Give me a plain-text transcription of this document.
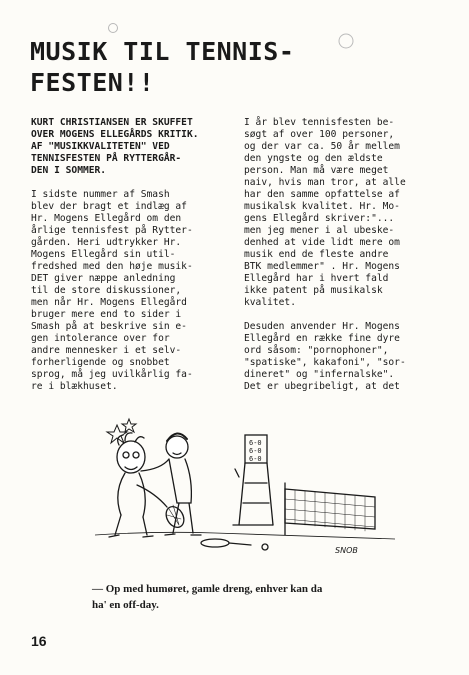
MUSIK TIL TENNIS-
FESTEN!!

KURT CHRISTIANSEN ER SKUFFET
OVER MOGENS ELLEGÅRDS KRITIK.
AF "MUSIKKVALITETEN" VED
TENNISFESTEN PÅ RYTTERGÅR-
DEN I SOMMER.

I sidste nummer af Smash
blev der bragt et indlæg af
Hr. Mogens Ellegård om den
årlige tennisfest på Rytter-
gården. Heri udtrykker Hr.
Mogens Ellegård sin util-
fredshed med den høje musik-
DET giver næppe anledning
til de store diskussioner,
men når Hr. Mogens Ellegård
bruger mere end to sider i
Smash på at beskrive sin e-
gen intolerance over for
andre mennesker i et selv-
forherligende og snobbet
sprog, må jeg uvilkårlig fa-
re i blækhuset.

I år blev tennisfesten be-
søgt af over 100 personer,
og der var ca. 50 år mellem
den yngste og den ældste
person. Man må være meget
naiv, hvis man tror, at alle
har den samme opfattelse af
musikalsk kvalitet. Hr. Mo-
gens Ellegård skriver:"...
men jeg mener i al ubeske-
denhed at vide lidt mere om
musik end de fleste andre
BTK medlemmer" . Hr. Mogens
Ellegård har i hvert fald
ikke patent på musikalsk
kvalitet.

Desuden anvender Hr. Mogens
Ellegård en række fine dyre
ord såsom: "pornophoner",
"spatiske", kakafoni", "sor-
dineret" og "infernalske".
Det er ubegribeligt, at det

6-0
6-0
6-0
SNOB
— Op med humøret, gamle dreng, enhver kan da
ha' en off-day.
16
